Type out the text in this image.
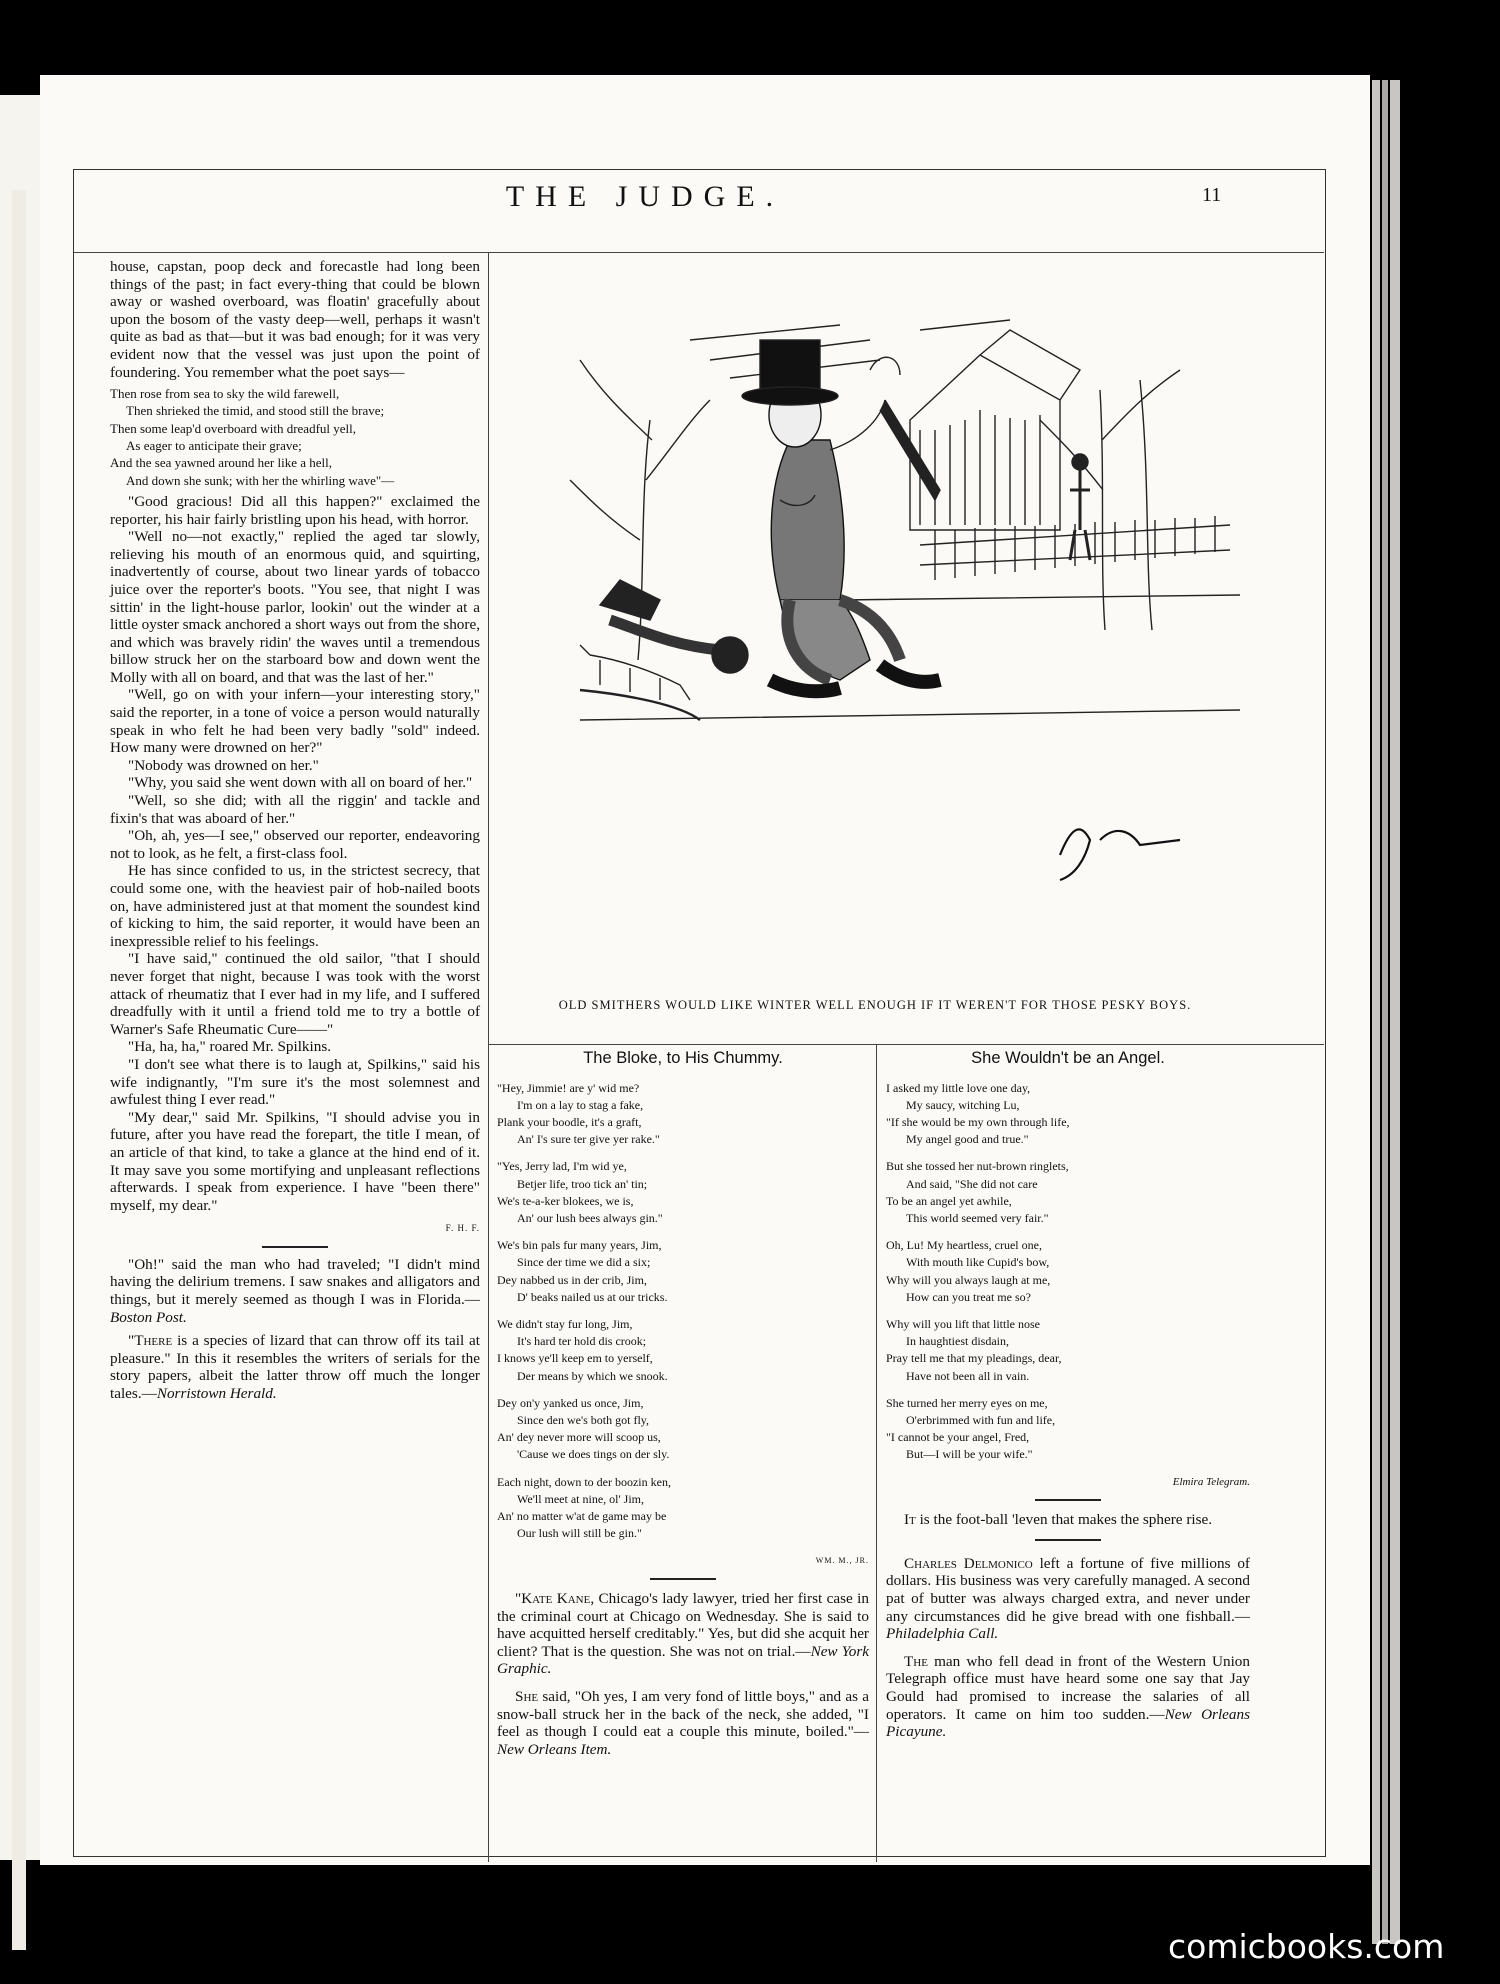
THE JUDGE.	11

house, capstan, poop deck and forecastle had long been things of the past; in fact every-thing that could be blown away or washed overboard, was floatin' gracefully about upon the bosom of the vasty deep—well, perhaps it wasn't quite as bad as that—but it was bad enough; for it was very evident now that the vessel was just upon the point of foundering. You remember what the poet says—

Then rose from sea to sky the wild farewell,
Then shrieked the timid, and stood still the brave;
Then some leap'd overboard with dreadful yell,
As eager to anticipate their grave;
And the sea yawned around her like a hell,
And down she sunk; with her the whirling wave"—

"Good gracious! Did all this happen?" exclaimed the reporter, his hair fairly bristling upon his head, with horror.

"Well no—not exactly," replied the aged tar slowly, relieving his mouth of an enormous quid, and squirting, inadvertently of course, about two linear yards of tobacco juice over the reporter's boots. "You see, that night I was sittin' in the light-house parlor, lookin' out the winder at a little oyster smack anchored a short ways out from the shore, and which was bravely ridin' the waves until a tremendous billow struck her on the starboard bow and down went the Molly with all on board, and that was the last of her."

"Well, go on with your infern—your interesting story," said the reporter, in a tone of voice a person would naturally speak in who felt he had been very badly "sold" indeed. How many were drowned on her?"

"Nobody was drowned on her."

"Why, you said she went down with all on board of her."

"Well, so she did; with all the riggin' and tackle and fixin's that was aboard of her."

"Oh, ah, yes—I see," observed our reporter, endeavoring not to look, as he felt, a first-class fool.

He has since confided to us, in the strictest secrecy, that could some one, with the heaviest pair of hob-nailed boots on, have administered just at that moment the soundest kind of kicking to him, the said reporter, it would have been an inexpressible relief to his feelings.

"I have said," continued the old sailor, "that I should never forget that night, because I was took with the worst attack of rheumatiz that I ever had in my life, and I suffered dreadfully with it until a friend told me to try a bottle of Warner's Safe Rheumatic Cure——"

"Ha, ha, ha," roared Mr. Spilkins.

"I don't see what there is to laugh at, Spilkins," said his wife indignantly, "I'm sure it's the most solemnest and awfulest thing I ever read."

"My dear," said Mr. Spilkins, "I should advise you in future, after you have read the forepart, the title I mean, of an article of that kind, to take a glance at the hind end of it. It may save you some mortifying and unpleasant reflections afterwards. I speak from experience. I have "been there" myself, my dear."

F. H. F.

"Oh!" said the man who had traveled; "I didn't mind having the delirium tremens. I saw snakes and alligators and things, but it merely seemed as though I was in Florida.—Boston Post.

"There is a species of lizard that can throw off its tail at pleasure." In this it resembles the writers of serials for the story papers, albeit the latter throw off much the longer tales.—Norristown Herald.

OLD SMITHERS WOULD LIKE WINTER WELL ENOUGH IF IT WEREN'T FOR THOSE PESKY BOYS.
The Bloke, to His Chummy.
"Hey, Jimmie! are y' wid me?
I'm on a lay to stag a fake,
Plank your boodle, it's a graft,
An' I's sure ter give yer rake."
"Yes, Jerry lad, I'm wid ye,
Betjer life, troo tick an' tin;
We's te-a-ker blokees, we is,
An' our lush bees always gin."
We's bin pals fur many years, Jim,
Since der time we did a six;
Dey nabbed us in der crib, Jim,
D' beaks nailed us at our tricks.
We didn't stay fur long, Jim,
It's hard ter hold dis crook;
I knows ye'll keep em to yerself,
Der means by which we snook.
Dey on'y yanked us once, Jim,
Since den we's both got fly,
An' dey never more will scoop us,
'Cause we does tings on der sly.
Each night, down to der boozin ken,
We'll meet at nine, ol' Jim,
An' no matter w'at de game may be
Our lush will still be gin."
WM. M., JR.

"Kate Kane, Chicago's lady lawyer, tried her first case in the criminal court at Chicago on Wednesday. She is said to have acquitted herself creditably." Yes, but did she acquit her client? That is the question. She was not on trial.—New York Graphic.

She said, "Oh yes, I am very fond of little boys," and as a snow-ball struck her in the back of the neck, she added, "I feel as though I could eat a couple this minute, boiled."—New Orleans Item.

She Wouldn't be an Angel.
I asked my little love one day,
My saucy, witching Lu,
"If she would be my own through life,
My angel good and true."
But she tossed her nut-brown ringlets,
And said, "She did not care
To be an angel yet awhile,
This world seemed very fair."
Oh, Lu! My heartless, cruel one,
With mouth like Cupid's bow,
Why will you always laugh at me,
How can you treat me so?
Why will you lift that little nose
In haughtiest disdain,
Pray tell me that my pleadings, dear,
Have not been all in vain.
She turned her merry eyes on me,
O'erbrimmed with fun and life,
"I cannot be your angel, Fred,
But—I will be your wife."
Elmira Telegram.

It is the foot-ball 'leven that makes the sphere rise.

Charles Delmonico left a fortune of five millions of dollars. His business was very carefully managed. A second pat of butter was always charged extra, and never under any circumstances did he give bread with one fishball.—Philadelphia Call.

The man who fell dead in front of the Western Union Telegraph office must have heard some one say that Jay Gould had promised to increase the salaries of all operators. It came on him too sudden.—New Orleans Picayune.

comicbooks.com
